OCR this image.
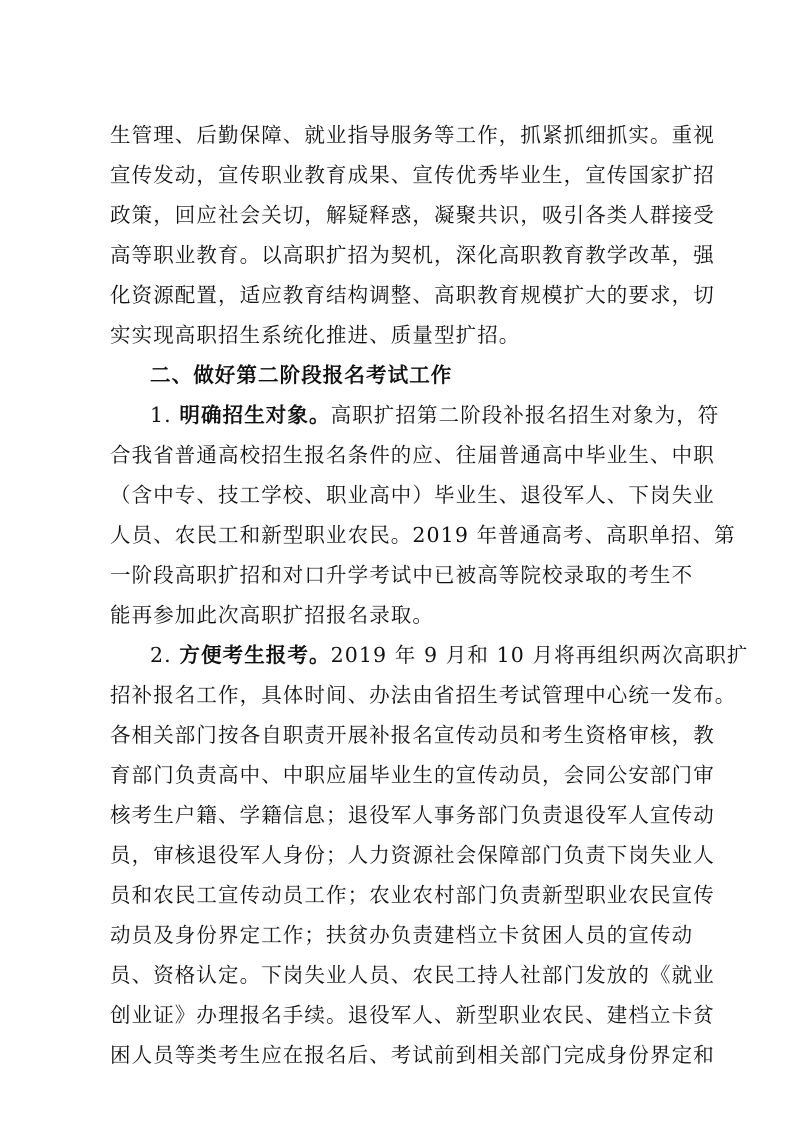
生管理、后勤保障、就业指导服务等工作，抓紧抓细抓实。重视
宣传发动，宣传职业教育成果、宣传优秀毕业生，宣传国家扩招
政策，回应社会关切，解疑释惑，凝聚共识，吸引各类人群接受
高等职业教育。以高职扩招为契机，深化高职教育教学改革，强
化资源配置，适应教育结构调整、高职教育规模扩大的要求，切
实实现高职招生系统化推进、质量型扩招。
二、做好第二阶段报名考试工作
1. 明确招生对象。高职扩招第二阶段补报名招生对象为，符
合我省普通高校招生报名条件的应、往届普通高中毕业生、中职
（含中专、技工学校、职业高中）毕业生、退役军人、下岗失业
人员、农民工和新型职业农民。2019 年普通高考、高职单招、第
一阶段高职扩招和对口升学考试中已被高等院校录取的考生不
能再参加此次高职扩招报名录取。
2. 方便考生报考。2019 年 9 月和 10 月将再组织两次高职扩
招补报名工作，具体时间、办法由省招生考试管理中心统一发布。
各相关部门按各自职责开展补报名宣传动员和考生资格审核，教
育部门负责高中、中职应届毕业生的宣传动员，会同公安部门审
核考生户籍、学籍信息；退役军人事务部门负责退役军人宣传动
员，审核退役军人身份；人力资源社会保障部门负责下岗失业人
员和农民工宣传动员工作；农业农村部门负责新型职业农民宣传
动员及身份界定工作；扶贫办负责建档立卡贫困人员的宣传动
员、资格认定。下岗失业人员、农民工持人社部门发放的《就业
创业证》办理报名手续。退役军人、新型职业农民、建档立卡贫
困人员等类考生应在报名后、考试前到相关部门完成身份界定和
